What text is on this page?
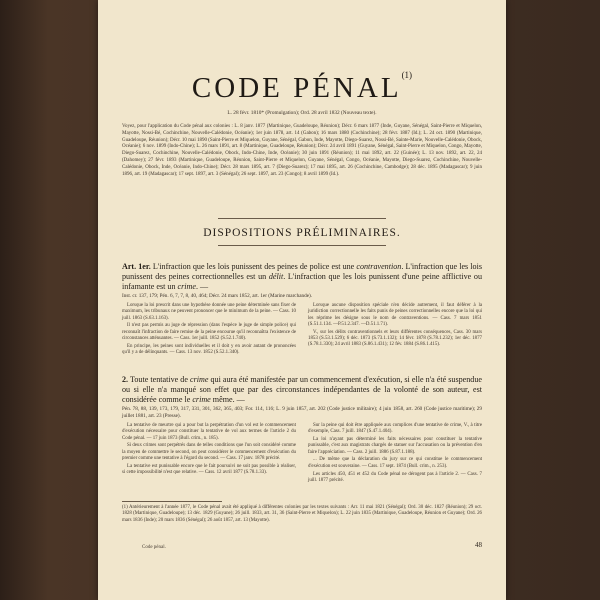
CODE PÉNAL$^{(1)}$
L. 28 févr. 1810* (Promulgation); Ord. 28 avril 1832 (Nouveau texte).
Voyez, pour l'application du Code pénal aux colonies : L. 8 janv. 1877 (Martinique, Guadeloupe, Réunion); Décr. 6 mars 1877 (Inde, Guyane, Sénégal, Saint-Pierre et Miquelon, Mayotte, Nossi-Bé, Cochinchine, Nouvelle-Calédonie, Océanie); 1er juin 1878, art. 14 (Gabon); 16 mars 1880 (Cochinchine); 28 févr. 1887 (Id.); L. 24 oct. 1890 (Martinique, Guadeloupe, Réunion); Décr. 10 mai 1890 (Saint-Pierre et Miquelon, Guyane, Sénégal, Gabon, Inde, Mayotte, Diego-Suarez, Nossi-Bé, Sainte-Marie, Nouvelle-Calédonie, Obock, Océanie); 6 nov. 1899 (Indo-Chine); L. 26 mars 1891, art. 8 (Martinique, Guadeloupe, Réunion); Décr. 24 avril 1891 (Guyane, Sénégal, Saint-Pierre et Miquelon, Congo, Mayotte, Diego-Suarez, Cochinchine, Nouvelle-Calédonie, Obock, Indo-Chine, Inde, Océanie); 30 juin 1891 (Réunion); 11 mai 1892, art. 22 (Guinée); L. 13 nov. 1892, art. 22, 24 (Dahomey); 27 févr. 1893 (Martinique, Guadeloupe, Réunion, Saint-Pierre et Miquelon, Guyane, Sénégal, Congo, Océanie, Mayotte, Diego-Suarez, Cochinchine, Nouvelle-Calédonie, Obock, Inde, Océanie, Indo-Chine); Décr. 28 mars 1895, art. 7 (Diego-Suarez); 17 mai 1895, art. 26 (Cochinchine, Cambodge); 28 déc. 1895 (Madagascar); 9 juin 1896, art. 19 (Madagascar); 17 sept. 1897, art. 3 (Sénégal); 26 sept. 1897, art. 23 (Congo); 8 avril 1899 (Id.).
DISPOSITIONS PRÉLIMINAIRES.
Art. 1er. L'infraction que les lois punissent des peines de police est une contravention. L'infraction que les lois punissent des peines correctionnelles est un délit. L'infraction que les lois punissent d'une peine afflictive ou infamante est un crime. —
Inst. cr. 137, 179; Pén. 6, 7, 7, 8, 40, 464; Décr. 24 mars 1852, art. 1er (Marine marchande).

Lorsque la loi prescrit dans une hypothèse donnée une peine déterminée sans fixer de maximum, les tribunaux ne peuvent prononcer que le minimum de la peine. — Cass. 10 juill. 1863 (S.63.1.163).

Il n'est pas permis au juge de répression (dans l'espèce le juge de simple police) qui reconnaît l'infraction de faire remise de la peine encourue qu'il reconnaîtra l'existence de circonstances atténuantes. — Cass. 1er juill. 1852 (S.52.1.740).

En principe, les peines sont individuelles et il doit y en avoir autant de prononcées qu'il y a de délinquants. — Cass. 13 nov. 1852 (S.52.1.340).

Lorsque aucune disposition spéciale n'en décide autrement, il faut déférer à la juridiction correctionnelle les faits punis de peines correctionnelles encore que la loi qui les réprime les désigne sous le nom de contraventions. — Cass. 7 mars 1851 (S.51.1.134. —P.51.2.347. —D.51.1.71).

V., sur les délits contraventionnels et leurs différentes conséquences, Cass. 30 mars 1853 (S.53.1.529); 6 déc. 1873 (S.73.1.132); 14 févr. 1878 (S.78.1.232); 1er déc. 1877 (S.78.1.330); 24 avril 1883 (S.86.1.431); 12 fév. 1884 (S.86.1.415).

2. Toute tentative de crime qui aura été manifestée par un commencement d'exécution, si elle n'a été suspendue ou si elle n'a manqué son effet que par des circonstances indépendantes de la volonté de son auteur, est considérée comme le crime même. —
Pén. 78, 88, 139, 173, 179, 317, 331, 301, 362, 365, 403; For. 114, 116; L. 9 juin 1857, art. 202 (Code justice militaire); 4 juin 1858, art. 260 (Code justice maritime); 29 juillet 1881, art. 23 (Presse).

La tentative de meurtre qui a pour but la perpétration d'un vol est le commencement d'exécution nécessaire pour constituer la tentative de vol aux termes de l'article 2 du Code pénal. — 17 juin 1873 (Bull. crim., n. 185).

Si deux crimes sont perpétrés dans de telles conditions que l'un soit considéré comme la moyen de commettre le second, on peut considérer le commencement d'exécution du premier comme une tentative à l'égard du second. — Cass. 17 janv. 1878 précité.

La tentative est punissable encore que le fait poursuivi ne soit pas possible à réaliser, si cette impossibilité n'est que relative. — Cass. 12 avril 1877 (S.78.1.33).

Sur la peine qui doit être appliquée aux complices d'une tentative de crime, V., à titre d'exemple, Cass. 7 juill. 1847 (S.47.1.404).

La loi n'ayant pas déterminé les faits nécessaires pour constituer la tentative punissable, c'est aux magistrats chargés de statuer sur l'accusation ou la prévention d'en faire l'appréciation. — Cass. 2 juill. 1886 (S.87.1.188).

... De même que la déclaration du jury sur ce qui constitue le commencement d'exécution est souveraine. — Cass. 17 sept. 1874 (Bull. crim., n. 253).

Les articles 450, 451 et 452 du Code pénal ne dérogent pas à l'article 2. — Cass. 7 juill. 1877 précité.

(1) Antérieurement à l'année 1877, le Code pénal avait été appliqué à différentes colonies par les textes suivants : Arr. 11 mai 1821 (Sénégal); Ord. 30 déc. 1827 (Réunion); 29 oct. 1828 (Martinique, Guadeloupe); 13 déc. 1829 (Guyane); 26 juill. 1833, art. 31, 36 (Saint-Pierre et Miquelon); L. 22 juin 1835 (Martinique, Guadeloupe, Réunion et Guyane); Ord. 26 mars 1836 (Inde); 20 mars 1836 (Sénégal); 26 août 1857, art. 13 (Mayotte).
Code pénal.	48
